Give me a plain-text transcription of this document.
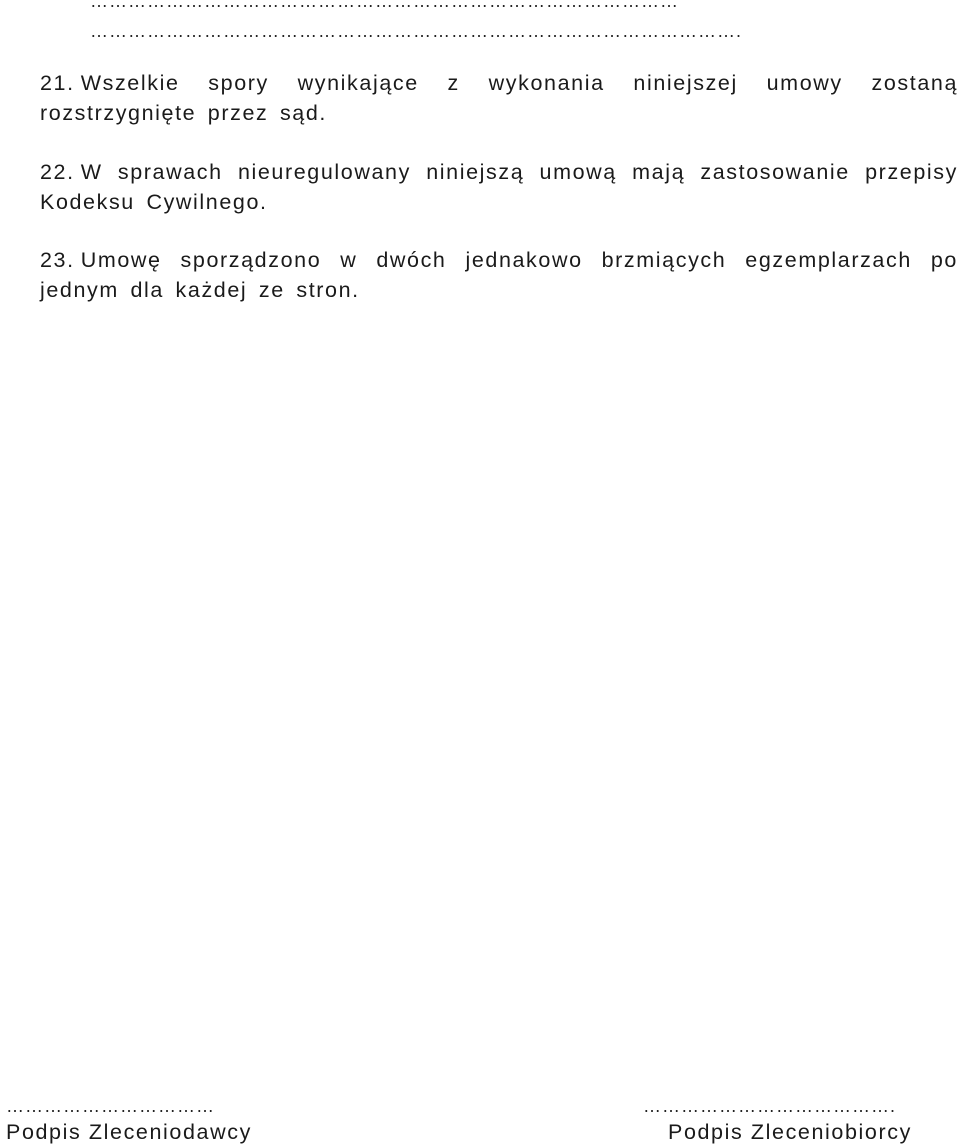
…………………………………………………………………………………
………………………………………………………………………………………….

21. Wszelkie spory wynikające z wykonania niniejszej umowy zostaną rozstrzygnięte przez sąd.

22. W sprawach nieuregulowany niniejszą umową mają zastosowanie przepisy Kodeksu Cywilnego.

23. Umowę sporządzono w dwóch jednakowo brzmiących egzemplarzach po jednym dla każdej ze stron.

……………………………
Podpis Zleceniodawcy
………………………………….
Podpis Zleceniobiorcy
